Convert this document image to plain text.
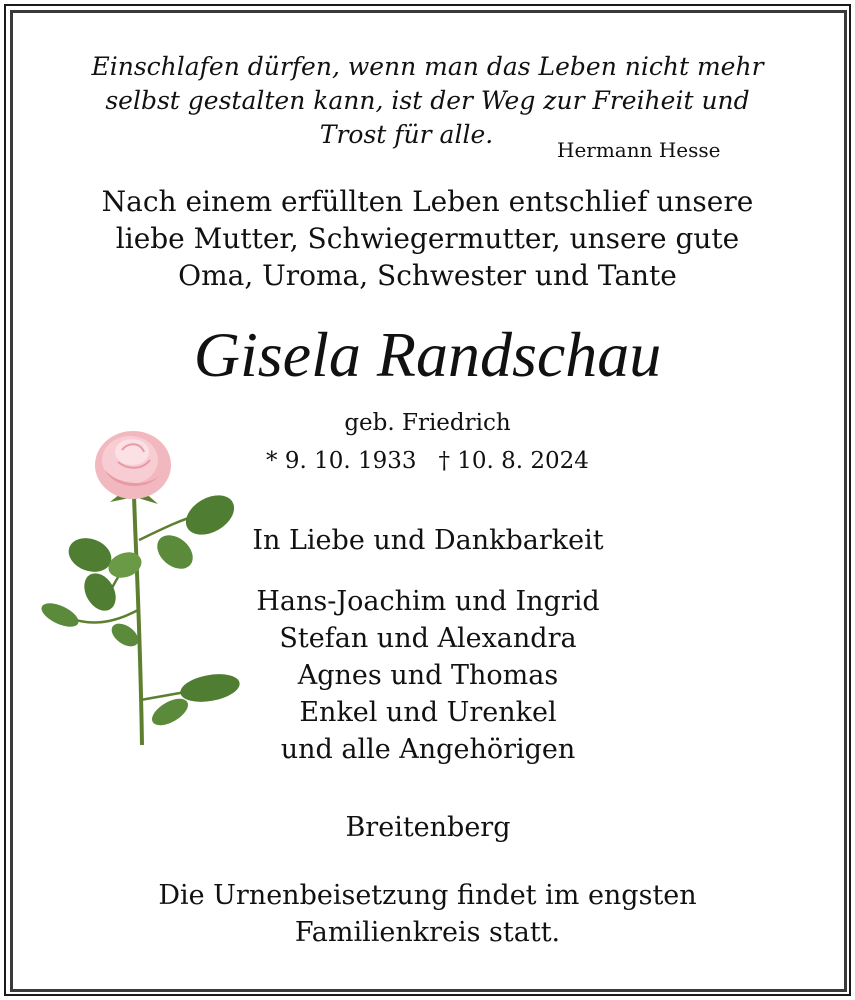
Einschlafen dürfen, wenn man das Leben nicht mehr
selbst gestalten kann, ist der Weg zur Freiheit und
Trost für alle.
Hermann Hesse
Nach einem erfüllten Leben entschlief unsere
liebe Mutter, Schwiegermutter, unsere gute
Oma, Uroma, Schwester und Tante
Gisela Randschau
geb. Friedrich
* 9. 10. 1933   † 10. 8. 2024
In Liebe und Dankbarkeit
Hans-Joachim und Ingrid
Stefan und Alexandra
Agnes und Thomas
Enkel und Urenkel
und alle Angehörigen
Breitenberg
Die Urnenbeisetzung findet im engsten
Familienkreis statt.
